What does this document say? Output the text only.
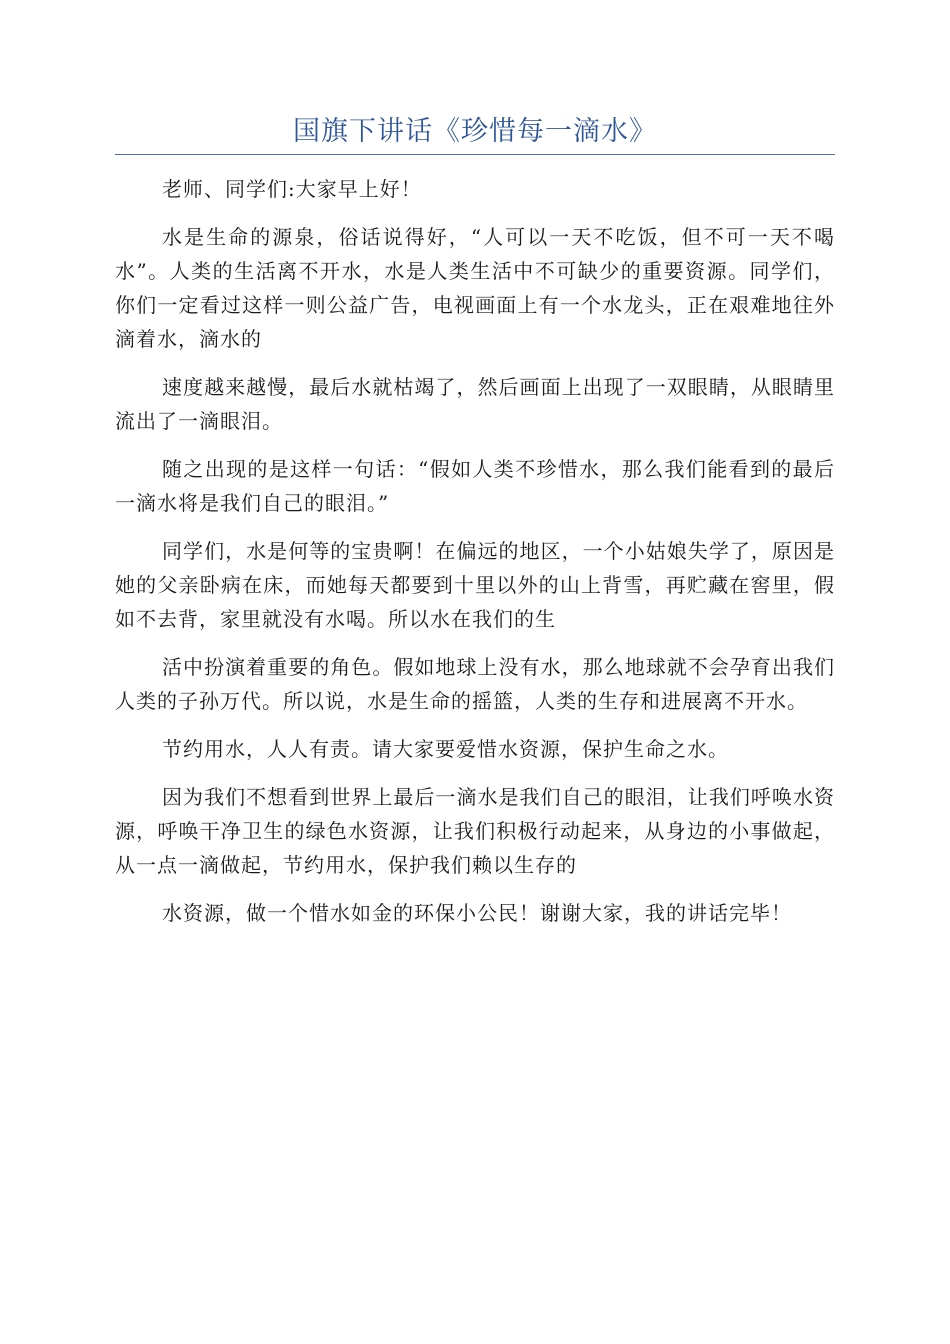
国旗下讲话《珍惜每一滴水》

老师、同学们:大家早上好！

水是生命的源泉，俗话说得好，“人可以一天不吃饭，但不可一天不喝水”。人类的生活离不开水，水是人类生活中不可缺少的重要资源。同学们，你们一定看过这样一则公益广告，电视画面上有一个水龙头，正在艰难地往外滴着水，滴水的

速度越来越慢，最后水就枯竭了，然后画面上出现了一双眼睛，从眼睛里流出了一滴眼泪。

随之出现的是这样一句话：“假如人类不珍惜水，那么我们能看到的最后一滴水将是我们自己的眼泪。”

同学们，水是何等的宝贵啊！在偏远的地区，一个小姑娘失学了，原因是她的父亲卧病在床，而她每天都要到十里以外的山上背雪，再贮藏在窖里，假如不去背，家里就没有水喝。所以水在我们的生

活中扮演着重要的角色。假如地球上没有水，那么地球就不会孕育出我们人类的子孙万代。所以说，水是生命的摇篮，人类的生存和进展离不开水。

节约用水，人人有责。请大家要爱惜水资源，保护生命之水。

因为我们不想看到世界上最后一滴水是我们自己的眼泪，让我们呼唤水资源，呼唤干净卫生的绿色水资源，让我们积极行动起来，从身边的小事做起，从一点一滴做起，节约用水，保护我们赖以生存的

水资源，做一个惜水如金的环保小公民！谢谢大家，我的讲话完毕！
